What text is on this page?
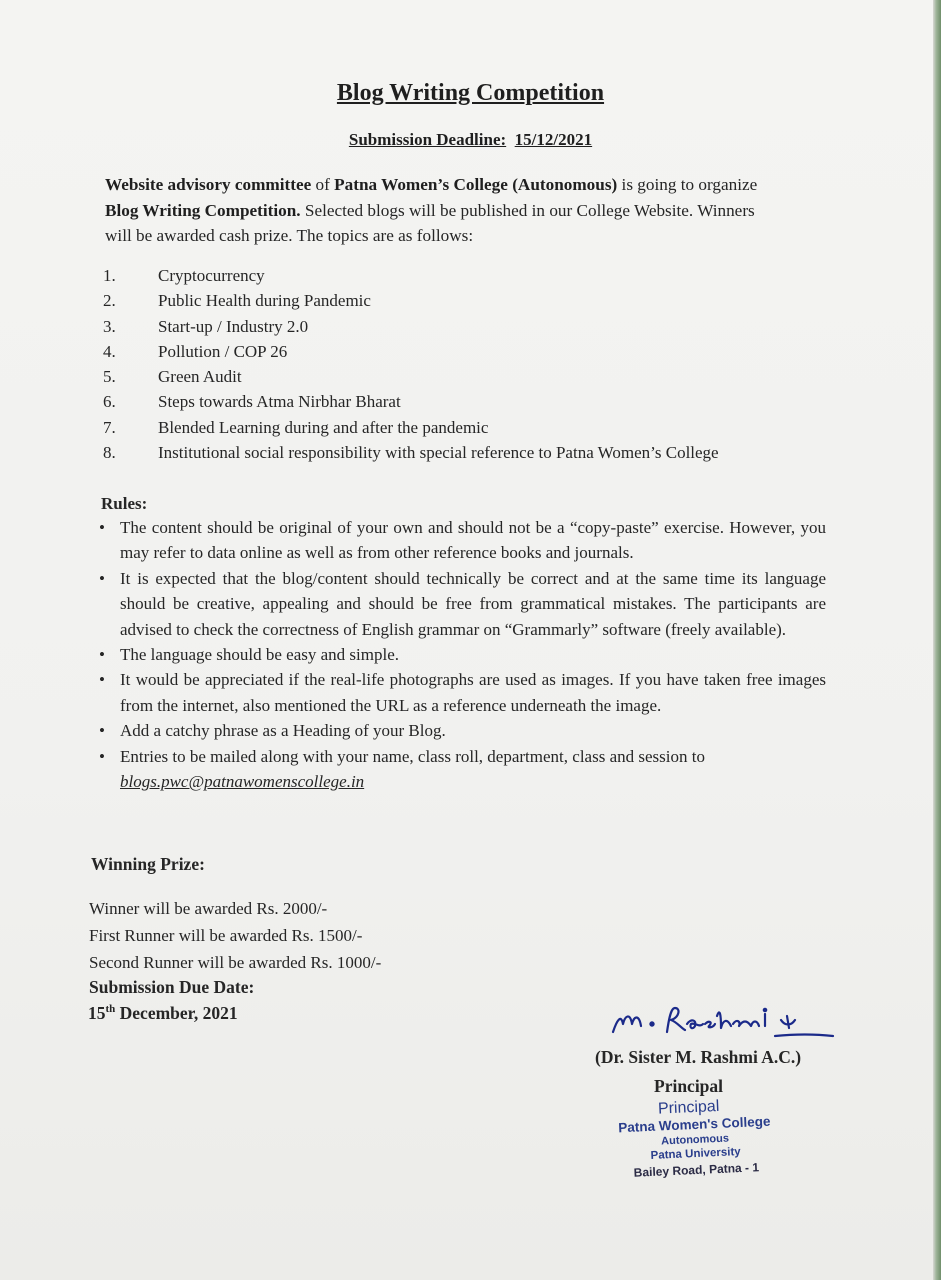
Blog Writing Competition
Submission Deadline: 15/12/2021
Website advisory committee of Patna Women’s College (Autonomous) is going to organize Blog Writing Competition. Selected blogs will be published in our College Website. Winners will be awarded cash prize. The topics are as follows:
1. Cryptocurrency
2. Public Health during Pandemic
3. Start-up / Industry 2.0
4. Pollution / COP 26
5. Green Audit
6. Steps towards Atma Nirbhar Bharat
7. Blended Learning during and after the pandemic
8. Institutional social responsibility with special reference to Patna Women’s College
Rules:
• The content should be original of your own and should not be a “copy-paste” exercise. However, you may refer to data online as well as from other reference books and journals.
• It is expected that the blog/content should technically be correct and at the same time its language should be creative, appealing and should be free from grammatical mistakes. The participants are advised to check the correctness of English grammar on “Grammarly” software (freely available).
• The language should be easy and simple.
• It would be appreciated if the real-life photographs are used as images. If you have taken free images from the internet, also mentioned the URL as a reference underneath the image.
• Add a catchy phrase as a Heading of your Blog.
• Entries to be mailed along with your name, class roll, department, class and session to
blogs.pwc@patnawomenscollege.in
Winning Prize:
Winner will be awarded Rs. 2000/-
First Runner will be awarded Rs. 1500/-
Second Runner will be awarded Rs. 1000/-
Submission Due Date:
15th December, 2021
(Dr. Sister M. Rashmi A.C.)
Principal
Principal
Patna Women's College
Autonomous
Patna University
Bailey Road, Patna - 1
